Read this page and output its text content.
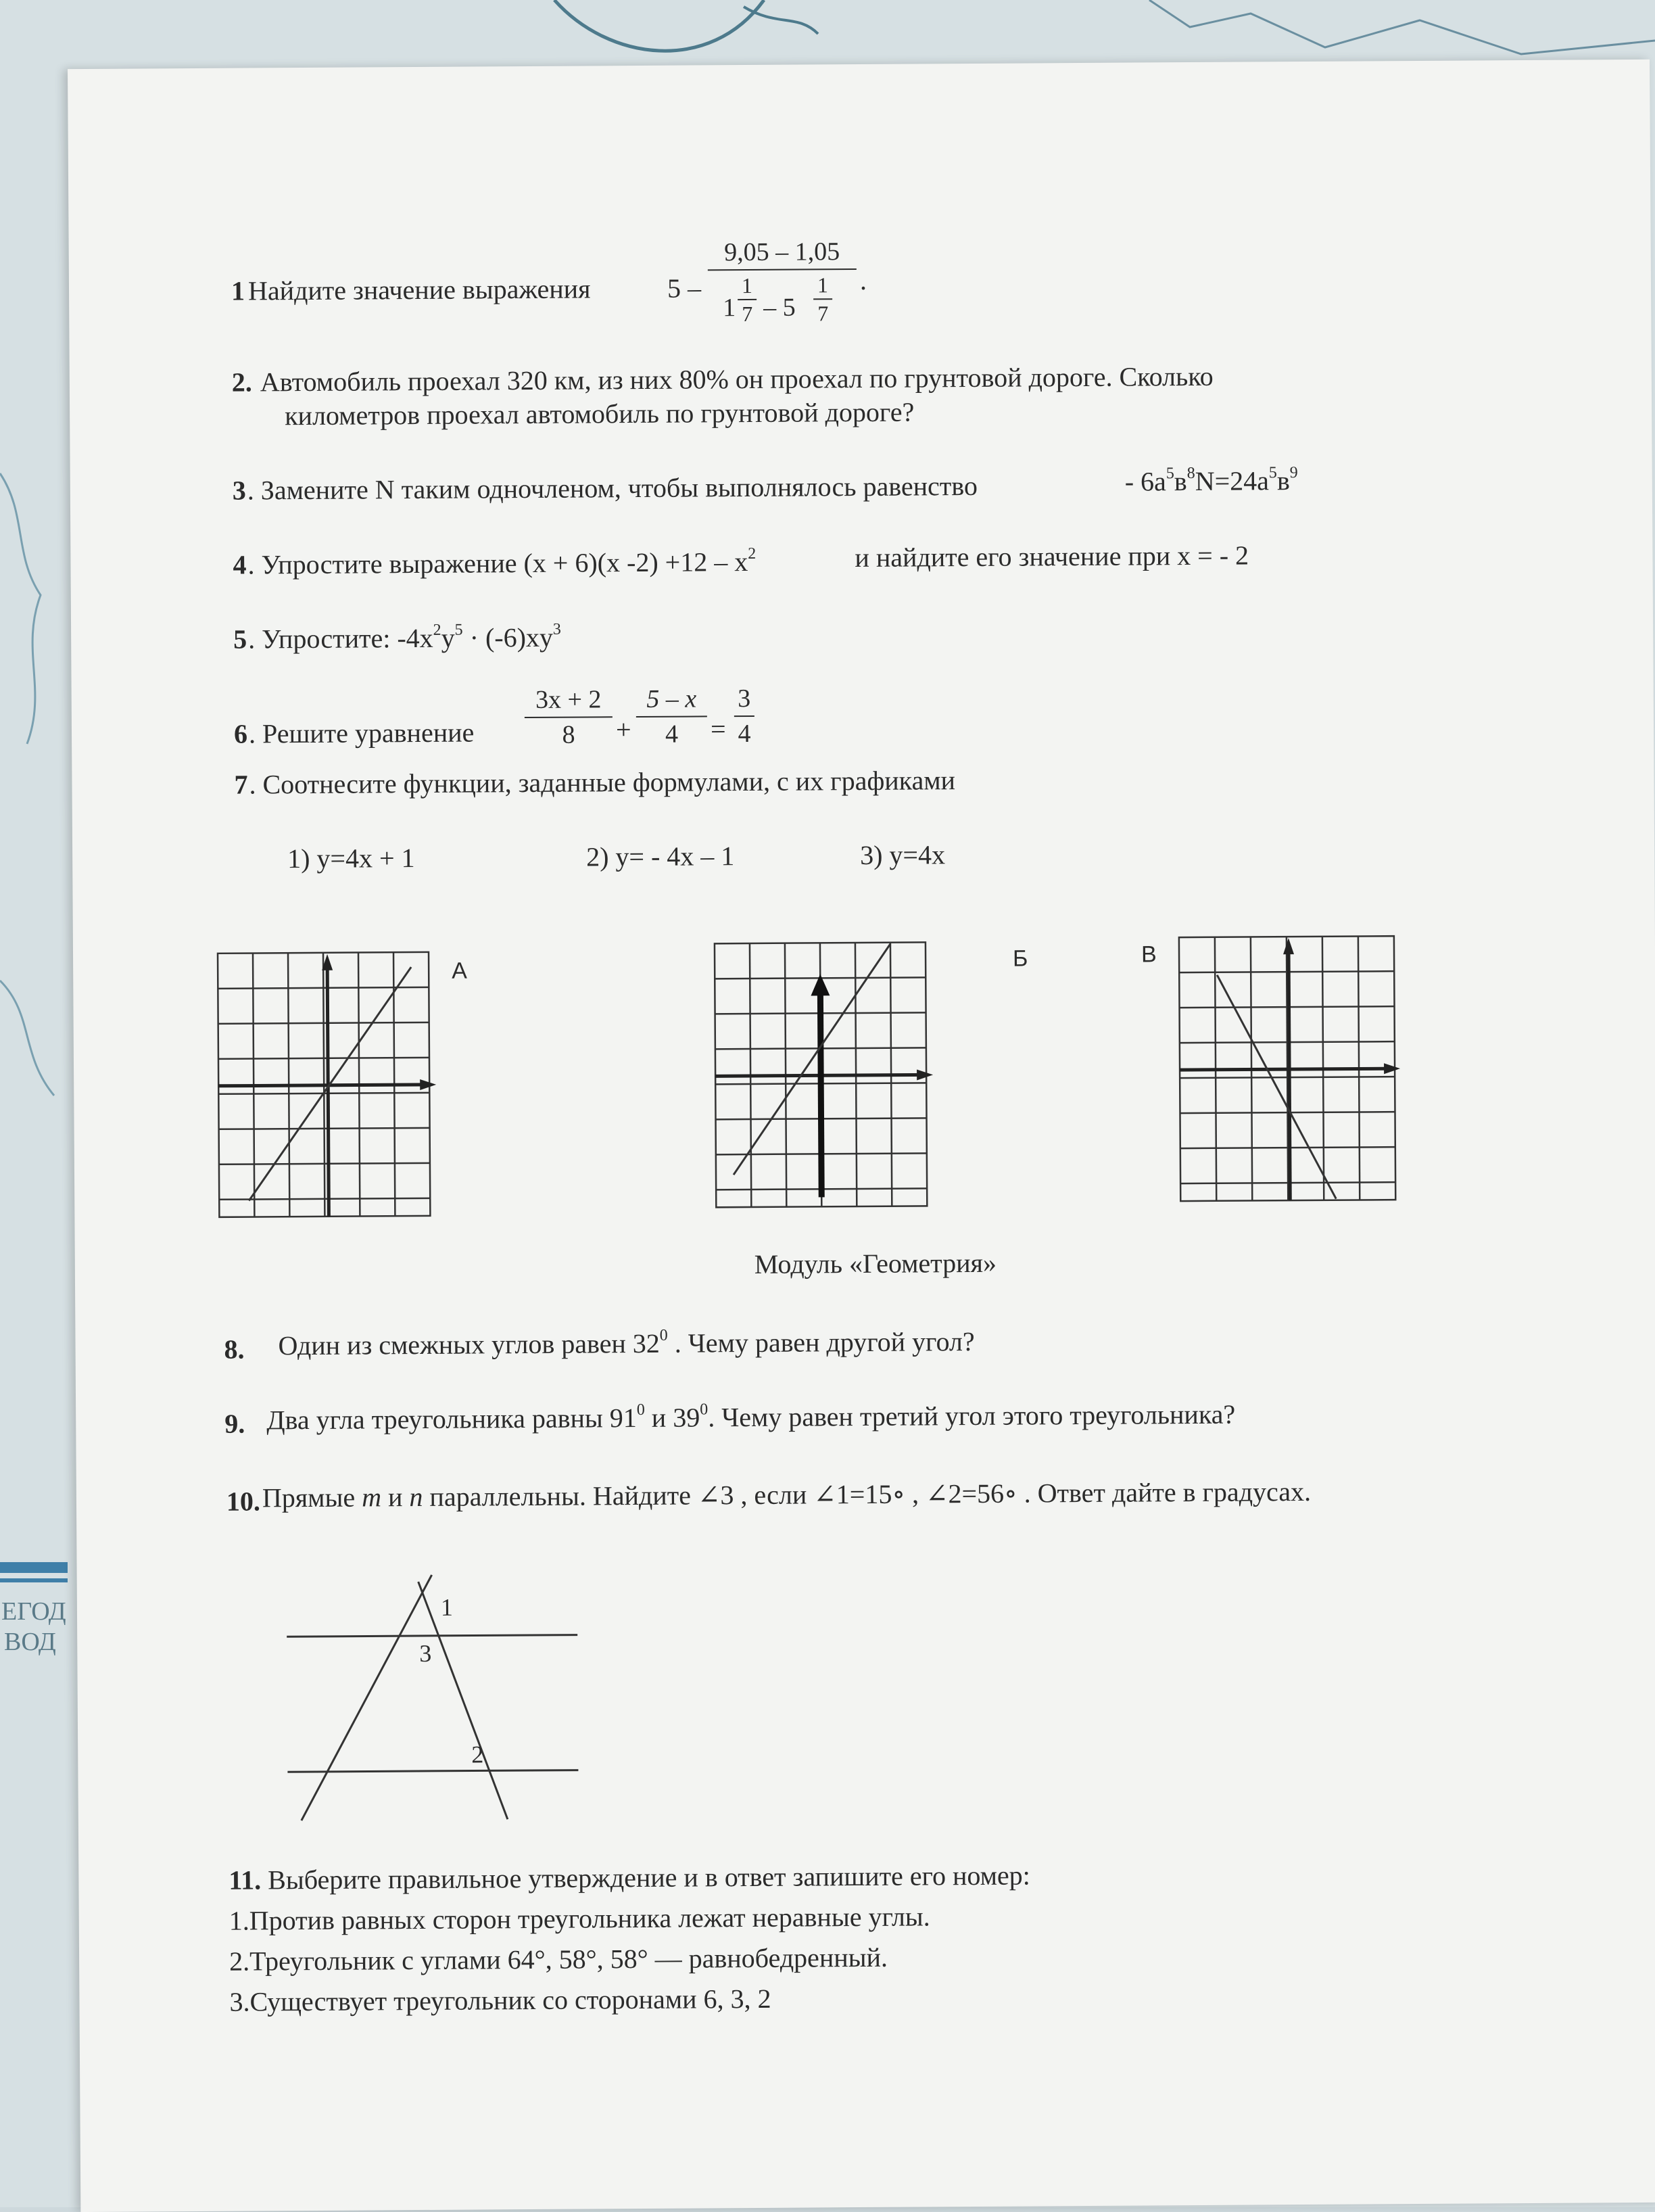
ЕГОД
ВОД
1 Найдите значение выражения	5 –
9,05 – 1,05
1
1
7 – 5
1
7
.
2. Автомобиль проехал 320 км, из них 80% он проехал по грунтовой дороге. Сколько
километров проехал автомобиль по грунтовой дороге?
3 . Замените N таким одночленом, чтобы выполнялось равенство	- $6a^5в^8N=24a^5в^9$
4 . Упростите выражение (x + 6)(x $-2) +12 - x^2$	и найдите его значение при x = - 2
5 . Упростите: $-4x^2y^5 \cdot (-6)xy^3$
6 . Решите уравнение
3x + 2
8	+
5 – x
4	=
3
4
7 . Соотнесите функции, заданные формулами, с их графиками
1) y=4x + 1	2) y= - 4x – 1	3) y=4x
А	Б	В
Модуль «Геометрия»
8. Один из смежных углов равен $32^0$ . Чему равен другой угол?
9. Два угла треугольника равны $91^0$ и $39^0$. Чему равен третий угол этого треугольника?
10. Прямые m и n параллельны. Найдите ∠3 , если ∠1=15∘ , ∠2=56∘ . Ответ дайте в градусах.
1
3
2
11. Выберите правильное утверждение и в ответ запишите его номер:
1.Против равных сторон треугольника лежат неравные углы.
2.Треугольник с углами 64°, 58°, 58° — равнобедренный.
3.Существует треугольник со сторонами 6, 3, 2
